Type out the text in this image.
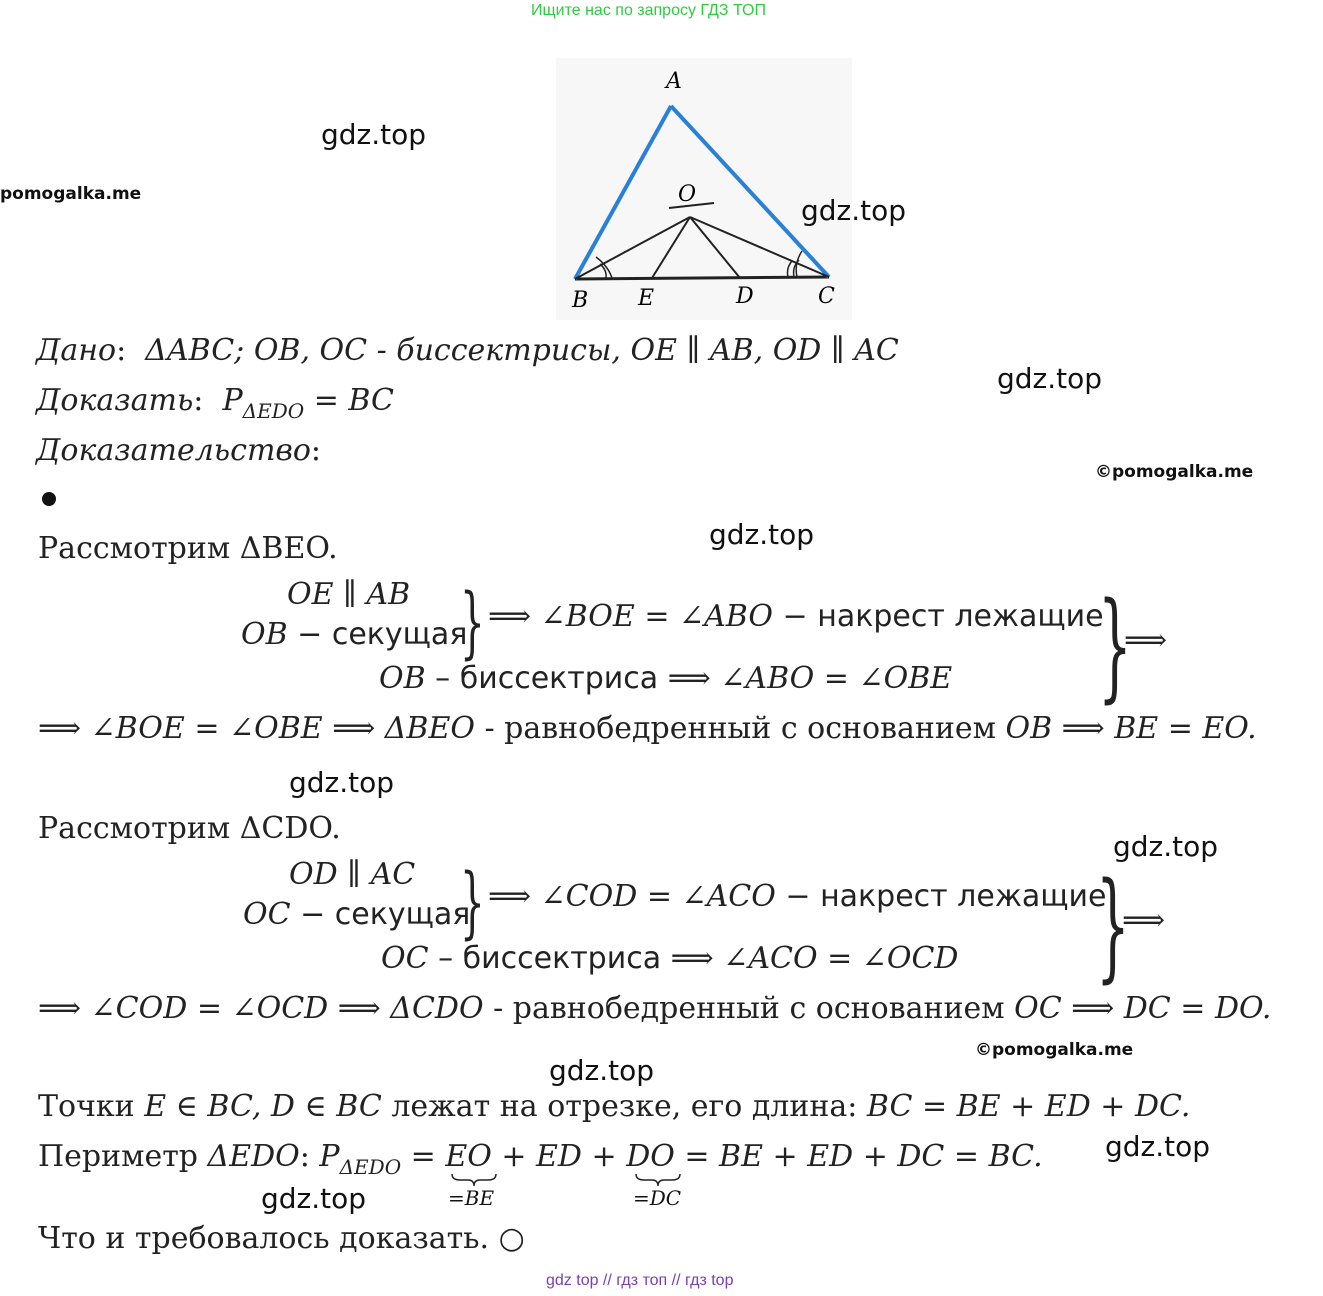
Ищите нас по запросу ГДЗ ТОП
A
O
B E	D	C
gdz.top
pomogalka.me	gdz.top
gdz.top
©pomogalka.me
gdz.top
gdz.top
gdz.top
©pomogalka.me
gdz.top
gdz.top
gdz.top
Дано:  ΔABC; OB, OC - биссектрисы, OE ∥ AB, OD ∥ AC
Доказать:  $P_{\Delta EDO}$ = BC
Доказательство:
Рассмотрим ΔBEO.
OE ∥ AB
OB − секущая
} ⟹ ∠BOE = ∠ABO − накрест лежащие
OB – биссектриса ⟹ ∠ABO = ∠OBE }
⟹
⟹ ∠BOE = ∠OBE ⟹ ΔBEO - равнобедренный с основанием OB ⟹ BE = EO.
Рассмотрим ΔCDO.
OD ∥ AC
OC − секущая
} ⟹ ∠COD = ∠ACO − накрест лежащие
OC – биссектриса ⟹ ∠ACO = ∠OCD }
⟹
⟹ ∠COD = ∠OCD ⟹ ΔCDO - равнобедренный с основанием OC ⟹ DC = DO.
Точки E ∈ BC, D ∈ BC лежат на отрезке, его длина: BC = BE + ED + DC.
Периметр ΔEDO: $P_{\Delta EDO}$ = EO + ED + DO = BE + ED + DC = BC.
=BE	=DC
Что и требовалось доказать. ○
gdz top // гдз топ // гдз top
